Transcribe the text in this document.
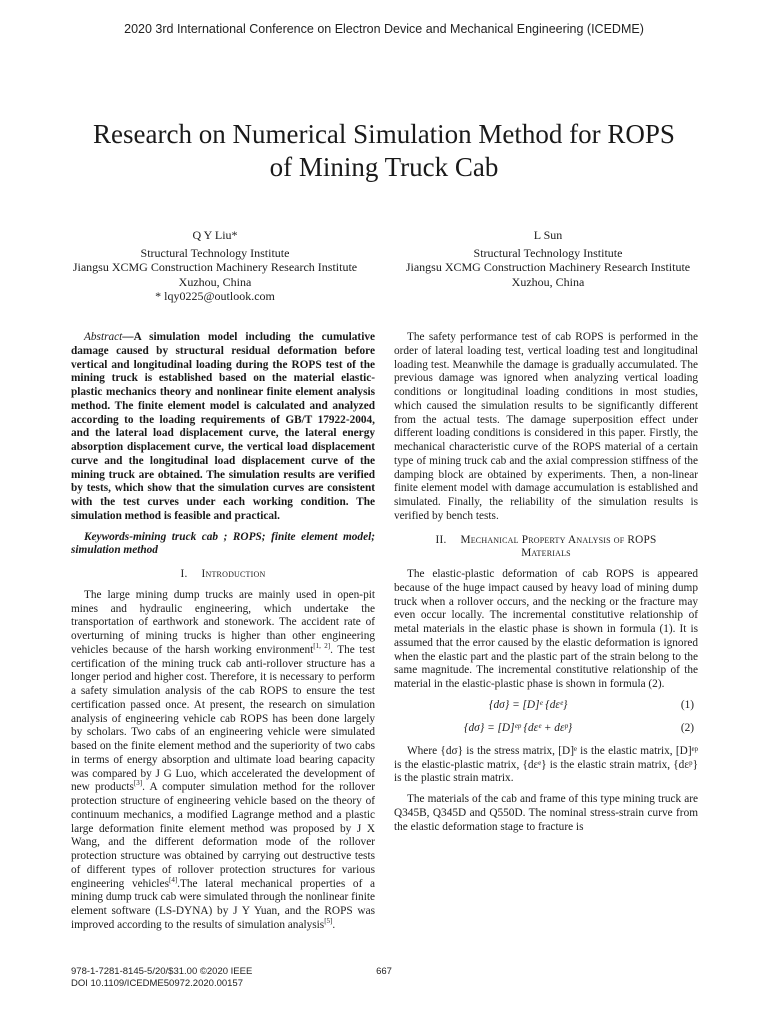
2020 3rd International Conference on Electron Device and Mechanical Engineering (ICEDME)
Research on Numerical Simulation Method for ROPS
of Mining Truck Cab
Q Y Liu*
Structural Technology Institute
Jiangsu XCMG Construction Machinery Research Institute
Xuzhou, China
* lqy0225@outlook.com
L Sun
Structural Technology Institute
Jiangsu XCMG Construction Machinery Research Institute
Xuzhou, China

Abstract—A simulation model including the cumulative damage caused by structural residual deformation before vertical and longitudinal loading during the ROPS test of the mining truck is established based on the material elastic-plastic mechanics theory and nonlinear finite element analysis method. The finite element model is calculated and analyzed according to the loading requirements of GB/T 17922-2004, and the lateral load displacement curve, the lateral energy absorption displacement curve, the vertical load displacement curve and the longitudinal load displacement curve of the mining truck are obtained. The simulation results are verified by tests, which show that the simulation curves are consistent with the test curves under each working condition. The simulation method is feasible and practical.

Keywords-mining truck cab ; ROPS; finite element model; simulation method

I. Introduction

The large mining dump trucks are mainly used in open-pit mines and hydraulic engineering, which undertake the transportation of earthwork and stonework. The accident rate of overturning of mining trucks is higher than other engineering vehicles because of the harsh working environment[1, 2]. The test certification of the mining truck cab anti-rollover structure has a longer period and higher cost. Therefore, it is necessary to perform a safety simulation analysis of the cab ROPS to ensure the test certification passed once. At present, the research on simulation analysis of engineering vehicle cab ROPS has been done largely by scholars. Two cabs of an engineering vehicle were simulated based on the finite element method and the superiority of two cabs in terms of energy absorption and ultimate load bearing capacity was compared by J G Luo, which accelerated the development of new products[3]. A computer simulation method for the rollover protection structure of engineering vehicle based on the theory of continuum mechanics, a modified Lagrange method and a plastic large deformation finite element method was proposed by J X Wang, and the different deformation mode of the rollover protection structure was obtained by carrying out destructive tests of different types of rollover protection structures for various engineering vehicles[4].The lateral mechanical properties of a mining dump truck cab were simulated through the nonlinear finite element software (LS-DYNA) by J Y Yuan, and the ROPS was improved according to the results of simulation analysis[5].

The safety performance test of cab ROPS is performed in the order of lateral loading test, vertical loading test and longitudinal loading test. Meanwhile the damage is gradually accumulated. The previous damage was ignored when analyzing vertical loading conditions or longitudinal loading conditions in most studies, which caused the simulation results to be significantly different from the actual tests. The damage superposition effect under different loading conditions is considered in this paper. Firstly, the mechanical characteristic curve of the ROPS material of a certain type of mining truck cab and the axial compression stiffness of the damping block are obtained by experiments. Then, a non-linear finite element model with damage accumulation is established and simulated. Finally, the reliability of the simulation results is verified by bench tests.

II. Mechanical Property Analysis of ROPS
Materials

The elastic-plastic deformation of cab ROPS is appeared because of the huge impact caused by heavy load of mining dump truck when a rollover occurs, and the necking or the fracture may even occur locally. The incremental constitutive relationship of metal materials in the elastic phase is shown in formula (1). It is assumed that the error caused by the elastic deformation is ignored when the elastic part and the plastic part of the strain belong to the same magnitude. The incremental constitutive relationship of the material in the elastic-plastic phase is shown in formula (2).

{dσ} = [D]ᵉ {dεᵉ}	(1)
{dσ} = [D]ᵉᵖ {dεᵉ + dεᵖ}	(2)

Where {dσ} is the stress matrix, [D]ᵉ is the elastic matrix, [D]ᵉᵖ is the elastic-plastic matrix, {dεᵉ} is the elastic strain matrix, {dεᵖ} is the plastic strain matrix.

The materials of the cab and frame of this type mining truck are Q345B, Q345D and Q550D. The nominal stress-strain curve from the elastic deformation stage to fracture is

978-1-7281-8145-5/20/$31.00 ©2020 IEEE
DOI 10.1109/ICEDME50972.2020.00157
667
